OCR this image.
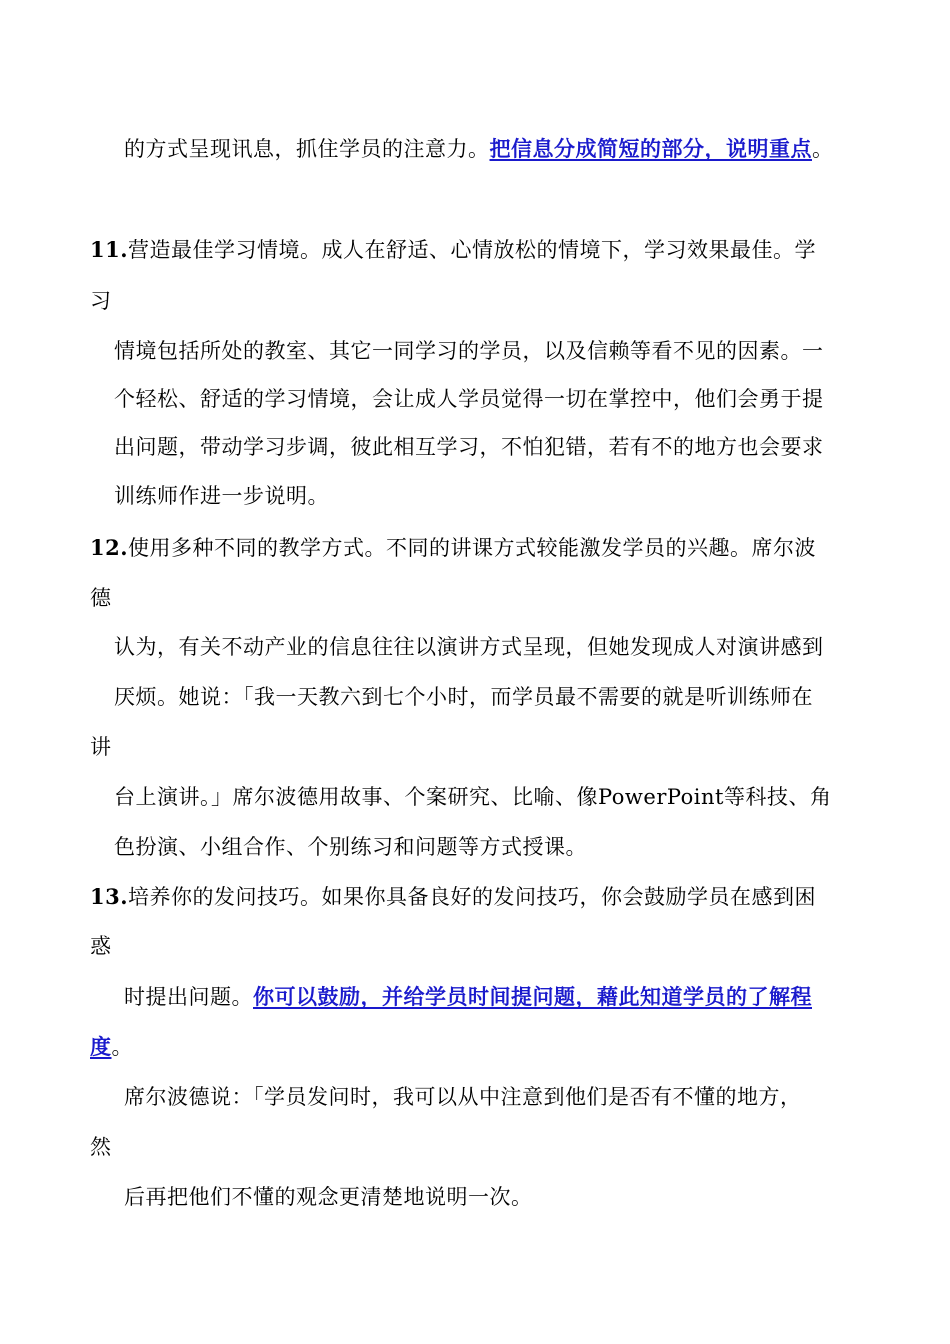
的方式呈现讯息，抓住学员的注意力。把信息分成简短的部分，说明重点。
11.营造最佳学习情境。成人在舒适、心情放松的情境下，学习效果最佳。学
习
情境包括所处的教室、其它一同学习的学员，以及信赖等看不见的因素。一
个轻松、舒适的学习情境，会让成人学员觉得一切在掌控中，他们会勇于提
出问题，带动学习步调，彼此相互学习，不怕犯错，若有不的地方也会要求
训练师作进一步说明。
12.使用多种不同的教学方式。不同的讲课方式较能激发学员的兴趣。席尔波
德
认为，有关不动产业的信息往往以演讲方式呈现，但她发现成人对演讲感到
厌烦。她说：「我一天教六到七个小时，而学员最不需要的就是听训练师在
讲
台上演讲。」席尔波德用故事、个案研究、比喻、像PowerPoint等科技、角
色扮演、小组合作、个别练习和问题等方式授课。
13.培养你的发问技巧。如果你具备良好的发问技巧，你会鼓励学员在感到困
惑
时提出问题。你可以鼓励，并给学员时间提问题，藉此知道学员的了解程
度。
席尔波德说：「学员发问时，我可以从中注意到他们是否有不懂的地方，
然
后再把他们不懂的观念更清楚地说明一次。
